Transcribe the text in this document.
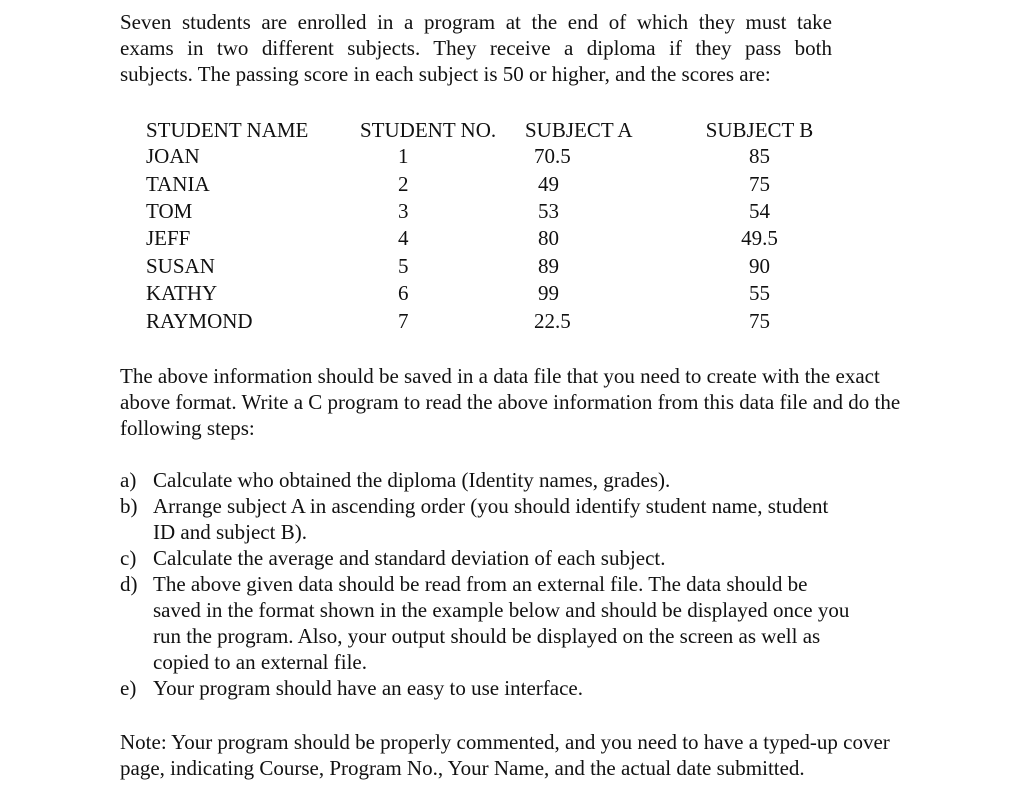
Seven students are enrolled in a program at the end of which they must take
exams in two different subjects. They receive a diploma if they pass both
subjects. The passing score in each subject is 50 or higher, and the scores are:

STUDENT NAME	STUDENT NO.	SUBJECT A	SUBJECT B
JOAN	1	70.5	85
TANIA	2	49	75
TOM	3	53	54
JEFF	4	80	49.5
SUSAN	5	89	90
KATHY	6	99	55
RAYMOND	7	22.5	75

The above information should be saved in a data file that you need to create with the exact above format. Write a C program to read the above information from this data file and do the following steps:

a) Calculate who obtained the diploma (Identity names, grades).
b) Arrange subject A in ascending order (you should identify student name, student ID and subject B).
c) Calculate the average and standard deviation of each subject.
d) The above given data should be read from an external file. The data should be saved in the format shown in the example below and should be displayed once you run the program. Also, your output should be displayed on the screen as well as copied to an external file.
e) Your program should have an easy to use interface.

Note: Your program should be properly commented, and you need to have a typed-up cover page, indicating Course, Program No., Your Name, and the actual date submitted.
